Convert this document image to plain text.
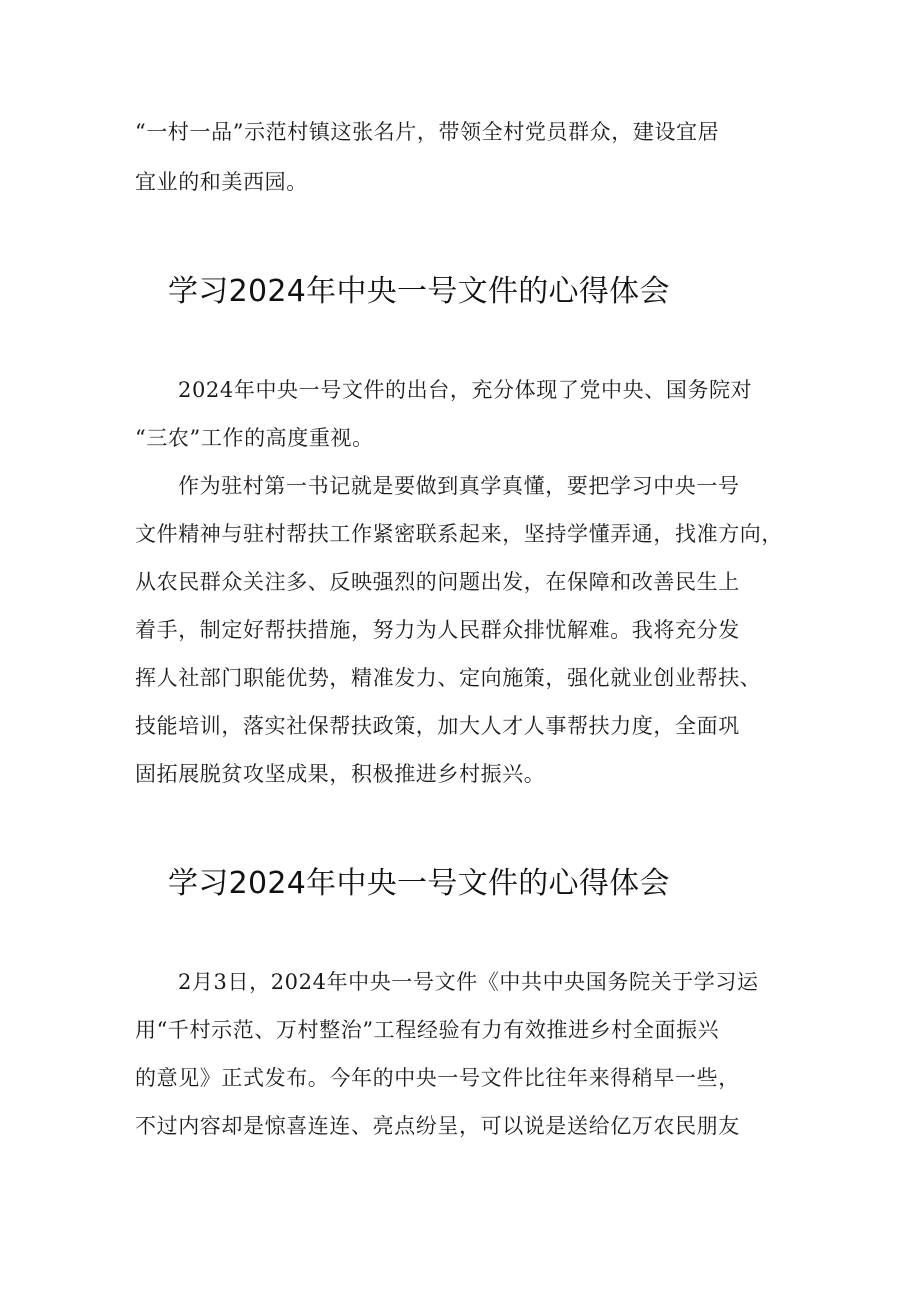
“一村一品”示范村镇这张名片，带领全村党员群众，建设宜居
宜业的和美西园。
学习2024年中央一号文件的心得体会
2024年中央一号文件的出台，充分体现了党中央、国务院对
“三农”工作的高度重视。
作为驻村第一书记就是要做到真学真懂，要把学习中央一号
文件精神与驻村帮扶工作紧密联系起来，坚持学懂弄通，找准方向，
从农民群众关注多、反映强烈的问题出发，在保障和改善民生上
着手，制定好帮扶措施，努力为人民群众排忧解难。我将充分发
挥人社部门职能优势，精准发力、定向施策，强化就业创业帮扶、
技能培训，落实社保帮扶政策，加大人才人事帮扶力度，全面巩
固拓展脱贫攻坚成果，积极推进乡村振兴。
学习2024年中央一号文件的心得体会
2月3日，2024年中央一号文件《中共中央国务院关于学习运
用“千村示范、万村整治”工程经验有力有效推进乡村全面振兴
的意见》正式发布。今年的中央一号文件比往年来得稍早一些，
不过内容却是惊喜连连、亮点纷呈，可以说是送给亿万农民朋友
